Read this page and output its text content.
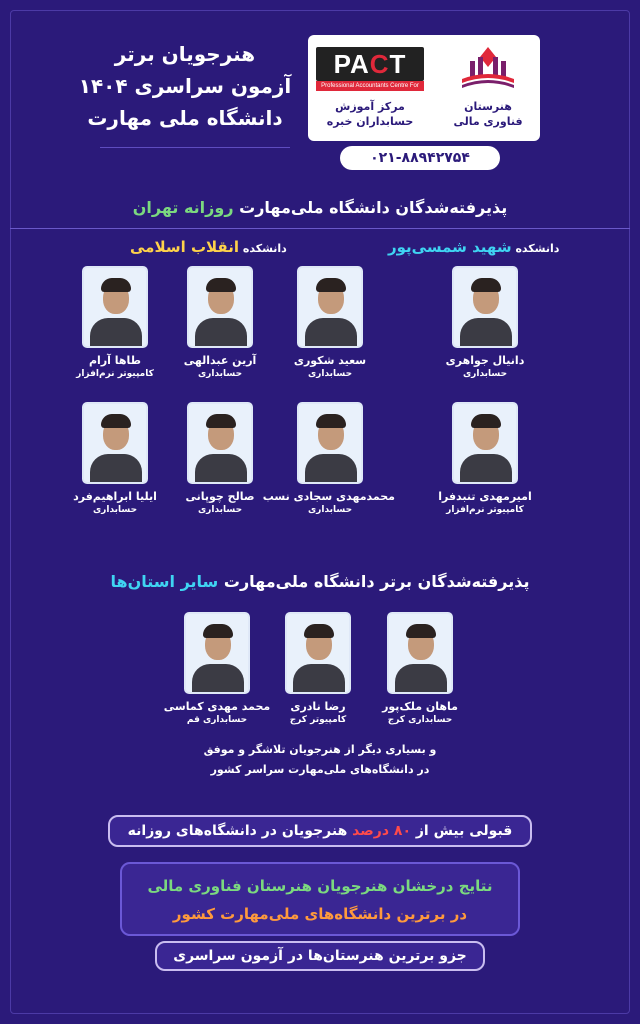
هنرجویان برتر
آزمون سراسری ۱۴۰۴
دانشگاه ملی مهارت
PA C T
Professional Accountants Centre For Training
مرکز آموزش
حسابداران خبره
هنرستان
فناوری مالی
۰۲۱-۸۸۹۴۲۷۵۴
پذیرفته‌شدگان دانشگاه ملی‌مهارت روزانه تهران
دانشکده انقلاب اسلامی	دانشکده شهید شمسی‌پور
دانیال جواهری
حسابداری
سعید شکوری
حسابداری
آرین عبدالهی
حسابداری
طاها آرام
کامپیوتر نرم‌افزار
امیرمهدی تنبدفرا
کامپیوتر نرم‌افزار
محمدمهدی سجادی نسب
حسابداری
صالح چوپانی
حسابداری
ایلیا ابراهیم‌فرد
حسابداری
پذیرفته‌شدگان برتر دانشگاه ملی‌مهارت سایر استان‌ها
ماهان ملک‌پور
حسابداری کرج
رضا نادری
کامپیوتر کرج
محمد مهدی کماسی
حسابداری قم
و بسیاری دیگر از هنرجویان تلاشگر و موفق
در دانشگاه‌های ملی‌مهارت سراسر کشور
قبولی بیش از ۸۰ درصد هنرجویان در دانشگاه‌های روزانه
نتایج درخشان هنرجویان هنرستان فناوری مالی
در برترین دانشگاه‌های ملی‌مهارت کشور
جزو برترین هنرستان‌ها در آزمون سراسری
